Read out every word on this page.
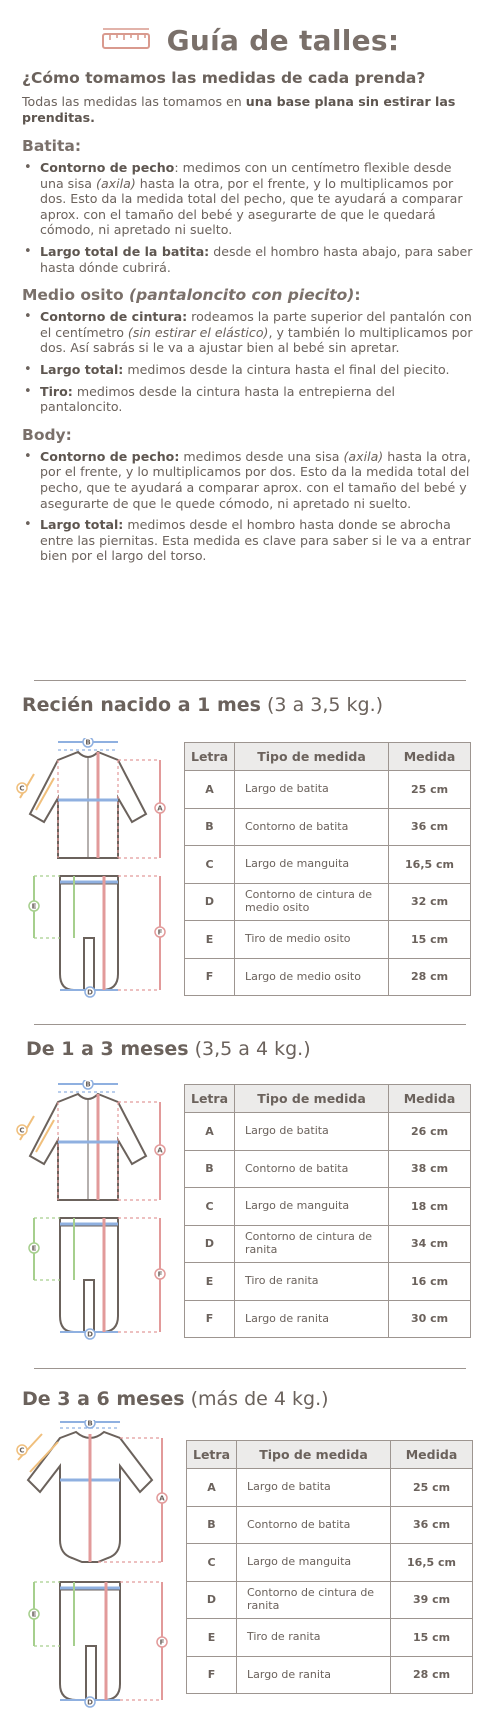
Guía de talles:
¿Cómo tomamos las medidas de cada prenda?
Todas las medidas las tomamos en una base plana sin estirar las prenditas.
Batita:
• Contorno de pecho: medimos con un centímetro flexible desde una sisa (axila) hasta la otra, por el frente, y lo multiplicamos por dos. Esto da la medida total del pecho, que te ayudará a comparar aprox. con el tamaño del bebé y asegurarte de que le quedará cómodo, ni apretado ni suelto.
• Largo total de la batita: desde el hombro hasta abajo, para saber hasta dónde cubrirá.
Medio osito (pantaloncito con piecito):
• Contorno de cintura: rodeamos la parte superior del pantalón con el centímetro (sin estirar el elástico), y también lo multiplicamos por dos. Así sabrás si le va a ajustar bien al bebé sin apretar.
• Largo total: medimos desde la cintura hasta el final del piecito.
• Tiro: medimos desde la cintura hasta la entrepierna del pantaloncito.
Body:
• Contorno de pecho: medimos desde una sisa (axila) hasta la otra, por el frente, y lo multiplicamos por dos. Esto da la medida total del pecho, que te ayudará a comparar aprox. con el tamaño del bebé y asegurarte de que le quede cómodo, ni apretado ni suelto.
• Largo total: medimos desde el hombro hasta donde se abrocha entre las piernitas. Esta medida es clave para saber si le va a entrar bien por el largo del torso.
Recién nacido a 1 mes (3 a 3,5 kg.)
A
B
C
D
E
F
Letra	Tipo de medida	Medida
A	Largo de batita	25 cm
B	Contorno de batita	36 cm
C	Largo de manguita	16,5 cm
D	Contorno de cintura de medio osito	32 cm
E	Tiro de medio osito	15 cm
F	Largo de medio osito	28 cm
De 1 a 3 meses (3,5 a 4 kg.)
A
B
C
D
E
F
Letra	Tipo de medida	Medida
A	Largo de batita	26 cm
B	Contorno de batita	38 cm
C	Largo de manguita	18 cm
D	Contorno de cintura de ranita	34 cm
E	Tiro de ranita	16 cm
F	Largo de ranita	30 cm
De 3 a 6 meses (más de 4 kg.)
A
B
C
D
E
F
Letra	Tipo de medida	Medida
A	Largo de batita	25 cm
B	Contorno de batita	36 cm
C	Largo de manguita	16,5 cm
D	Contorno de cintura de ranita	39 cm
E	Tiro de ranita	15 cm
F	Largo de ranita	28 cm
